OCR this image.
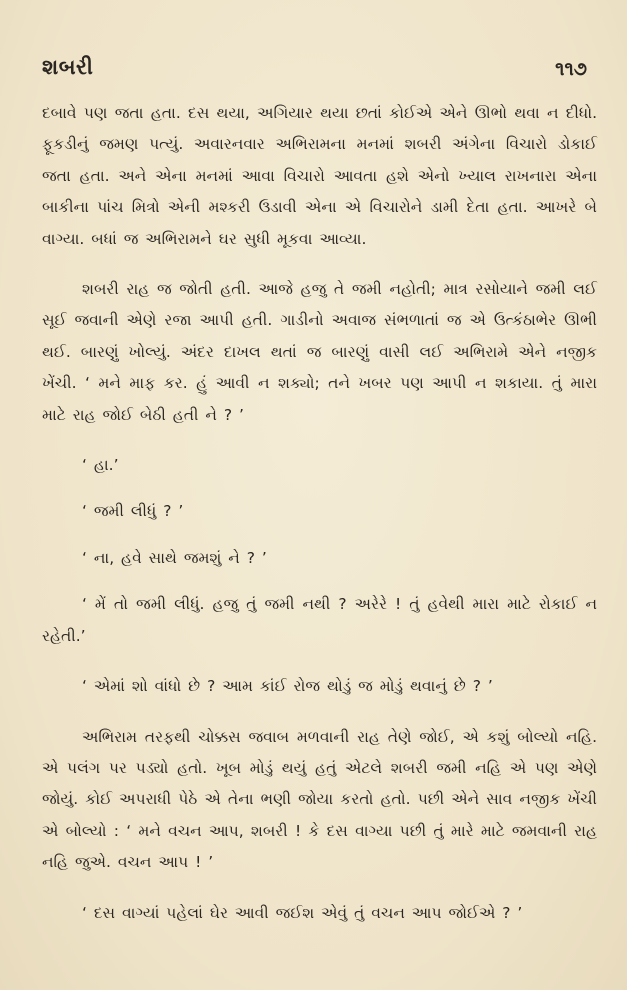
શબરી	૧૧૭

દબાવે પણ જતા હતા. દસ થયા, અગિયાર થયા છતાં કોઈએ એને ઊભો થવા ન દીધો. ફૂકડીનું જમણ પત્યું. અવારનવાર અભિરામના મનમાં શબરી અંગેના વિચારો ડોકાઈ જતા હતા. અને એના મનમાં આવા વિચારો આવતા હશે એનો ખ્યાલ રાખનારા એના બાકીના પાંચ મિત્રો એની મશ્કરી ઉડાવી એના એ વિચારોને ડામી દેતા હતા. આખરે બે વાગ્યા. બધાં જ અભિરામને ઘર સુધી મૂકવા આવ્યા.

શબરી રાહ જ જોતી હતી. આજે હજુ તે જમી નહોતી; માત્ર રસોયાને જમી લઈ સૂઈ જવાની એણે રજા આપી હતી. ગાડીનો અવાજ સંભળાતાં જ એ ઉત્કંઠાભેર ઊભી થઈ. બારણું ખોલ્યું. અંદર દાખલ થતાં જ બારણું વાસી લઈ અભિરામે એને નજીક ખેંચી. ‘ મને માફ કર. હું આવી ન શક્યો; તને ખબર પણ આપી ન શકાયા. તું મારા માટે રાહ જોઈ બેઠી હતી ને ? ’

‘ હા.’

‘ જમી લીધું ? ’

‘ ના, હવે સાથે જમશું ને ? ’

‘ મેં તો જમી લીધું. હજુ તું જમી નથી ? અરેરે ! તું હવેથી મારા માટે રોકાઈ ન રહેતી.’

‘ એમાં શો વાંધો છે ? આમ કાંઈ રોજ થોડું જ મોડું થવાનું છે ? ’

અભિરામ તરફથી ચોક્કસ જવાબ મળવાની રાહ તેણે જોઈ, એ કશું બોલ્યો નહિ. એ પલંગ પર પડ્યો હતો. ખૂબ મોડું થયું હતું એટલે શબરી જમી નહિ એ પણ એણે જોયું. કોઈ અપરાધી પેઠે એ તેના ભણી જોયા કરતો હતો. પછી એને સાવ નજીક ખેંચી એ બોલ્યો : ‘ મને વચન આપ, શબરી ! કે દસ વાગ્યા પછી તું મારે માટે જમવાની રાહ નહિ જુએ. વચન આપ ! ’

‘ દસ વાગ્યાં પહેલાં ઘેર આવી જઈશ એવું તું વચન આપ જોઈએ ? ’
